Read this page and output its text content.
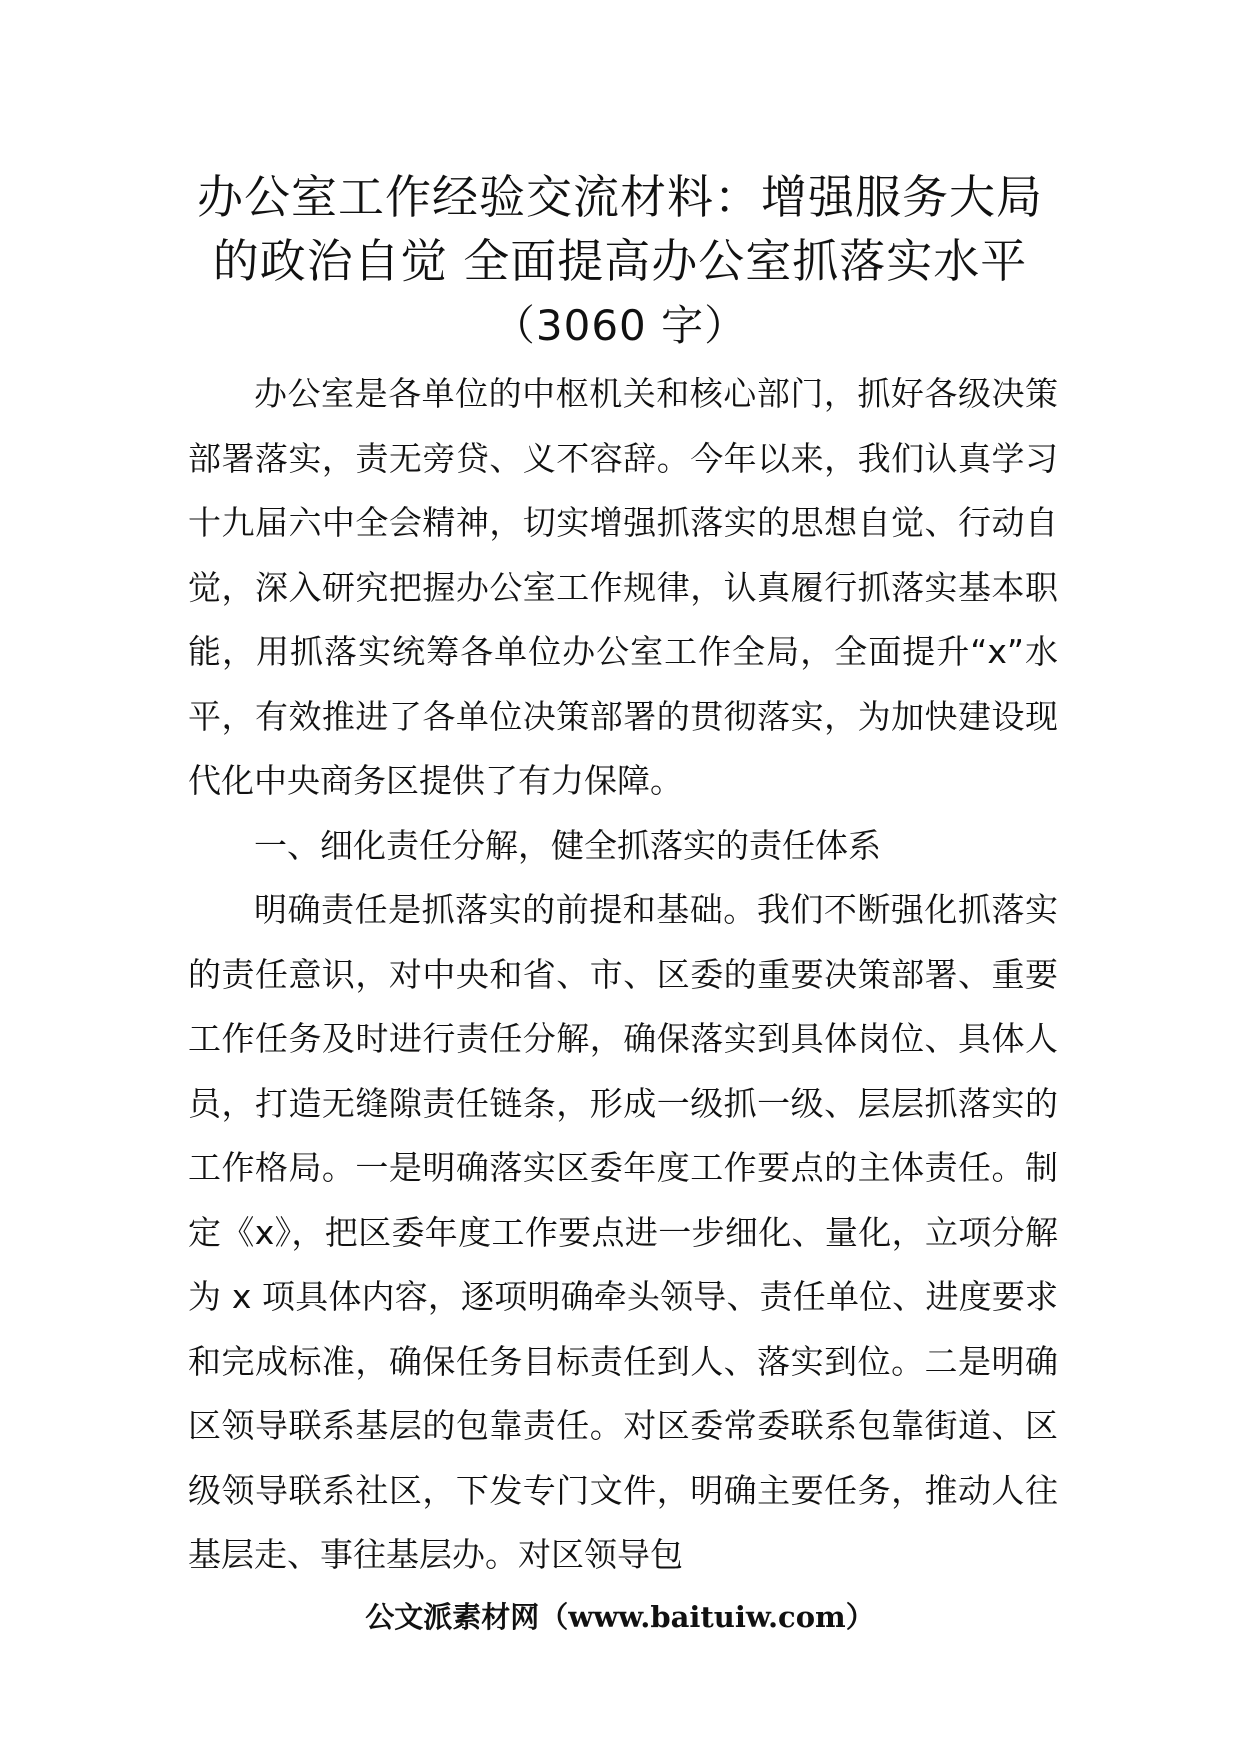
办公室工作经验交流材料：增强服务大局
的政治自觉 全面提高办公室抓落实水平
（3060 字）

办公室是各单位的中枢机关和核心部门，抓好各级决策部署落实，责无旁贷、义不容辞。今年以来，我们认真学习十九届六中全会精神，切实增强抓落实的思想自觉、行动自觉，深入研究把握办公室工作规律，认真履行抓落实基本职能，用抓落实统筹各单位办公室工作全局，全面提升“x”水平，有效推进了各单位决策部署的贯彻落实，为加快建设现代化中央商务区提供了有力保障。

一、细化责任分解，健全抓落实的责任体系

明确责任是抓落实的前提和基础。我们不断强化抓落实的责任意识，对中央和省、市、区委的重要决策部署、重要工作任务及时进行责任分解，确保落实到具体岗位、具体人员，打造无缝隙责任链条，形成一级抓一级、层层抓落实的工作格局。一是明确落实区委年度工作要点的主体责任。制定《x》，把区委年度工作要点进一步细化、量化，立项分解为 x 项具体内容，逐项明确牵头领导、责任单位、进度要求和完成标准，确保任务目标责任到人、落实到位。二是明确区领导联系基层的包靠责任。对区委常委联系包靠街道、区级领导联系社区，下发专门文件，明确主要任务，推动人往基层走、事往基层办。对区领导包

公文派素材网（www.baituiw.com）
